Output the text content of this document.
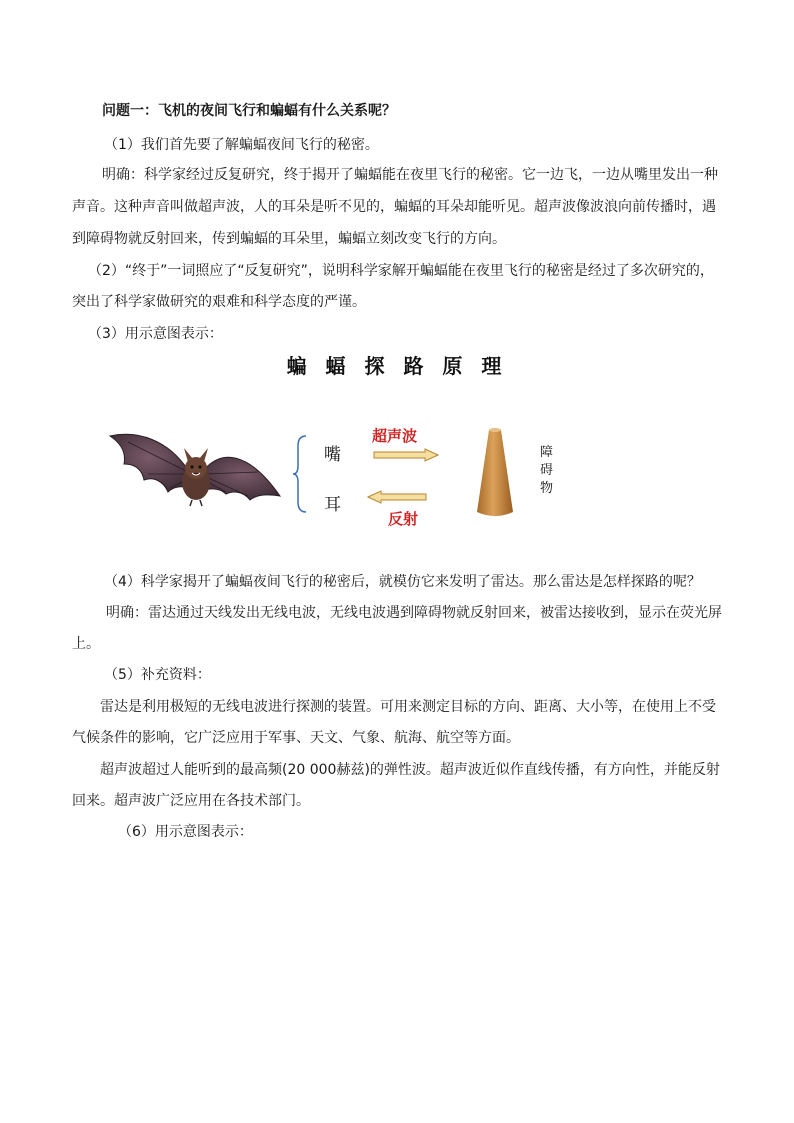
问题一：飞机的夜间飞行和蝙蝠有什么关系呢？
（1）我们首先要了解蝙蝠夜间飞行的秘密。
明确：科学家经过反复研究，终于揭开了蝙蝠能在夜里飞行的秘密。它一边飞，一边从嘴里发出一种
声音。这种声音叫做超声波，人的耳朵是听不见的，蝙蝠的耳朵却能听见。超声波像波浪向前传播时，遇
到障碍物就反射回来，传到蝙蝠的耳朵里，蝙蝠立刻改变飞行的方向。
（2）“终于”一词照应了“反复研究”，说明科学家解开蝙蝠能在夜里飞行的秘密是经过了多次研究的，
突出了科学家做研究的艰难和科学态度的严谨。
（3）用示意图表示：
蝙 蝠 探 路 原 理
嘴
耳
超声波
反射
障碍物
（4）科学家揭开了蝙蝠夜间飞行的秘密后，就模仿它来发明了雷达。那么雷达是怎样探路的呢？
明确：雷达通过天线发出无线电波，无线电波遇到障碍物就反射回来，被雷达接收到，显示在荧光屏
上。
（5）补充资料：
雷达是利用极短的无线电波进行探测的装置。可用来测定目标的方向、距离、大小等，在使用上不受
气候条件的影响，它广泛应用于军事、天文、气象、航海、航空等方面。
超声波超过人能听到的最高频(20 000赫兹)的弹性波。超声波近似作直线传播，有方向性，并能反射
回来。超声波广泛应用在各技术部门。
（6）用示意图表示：
